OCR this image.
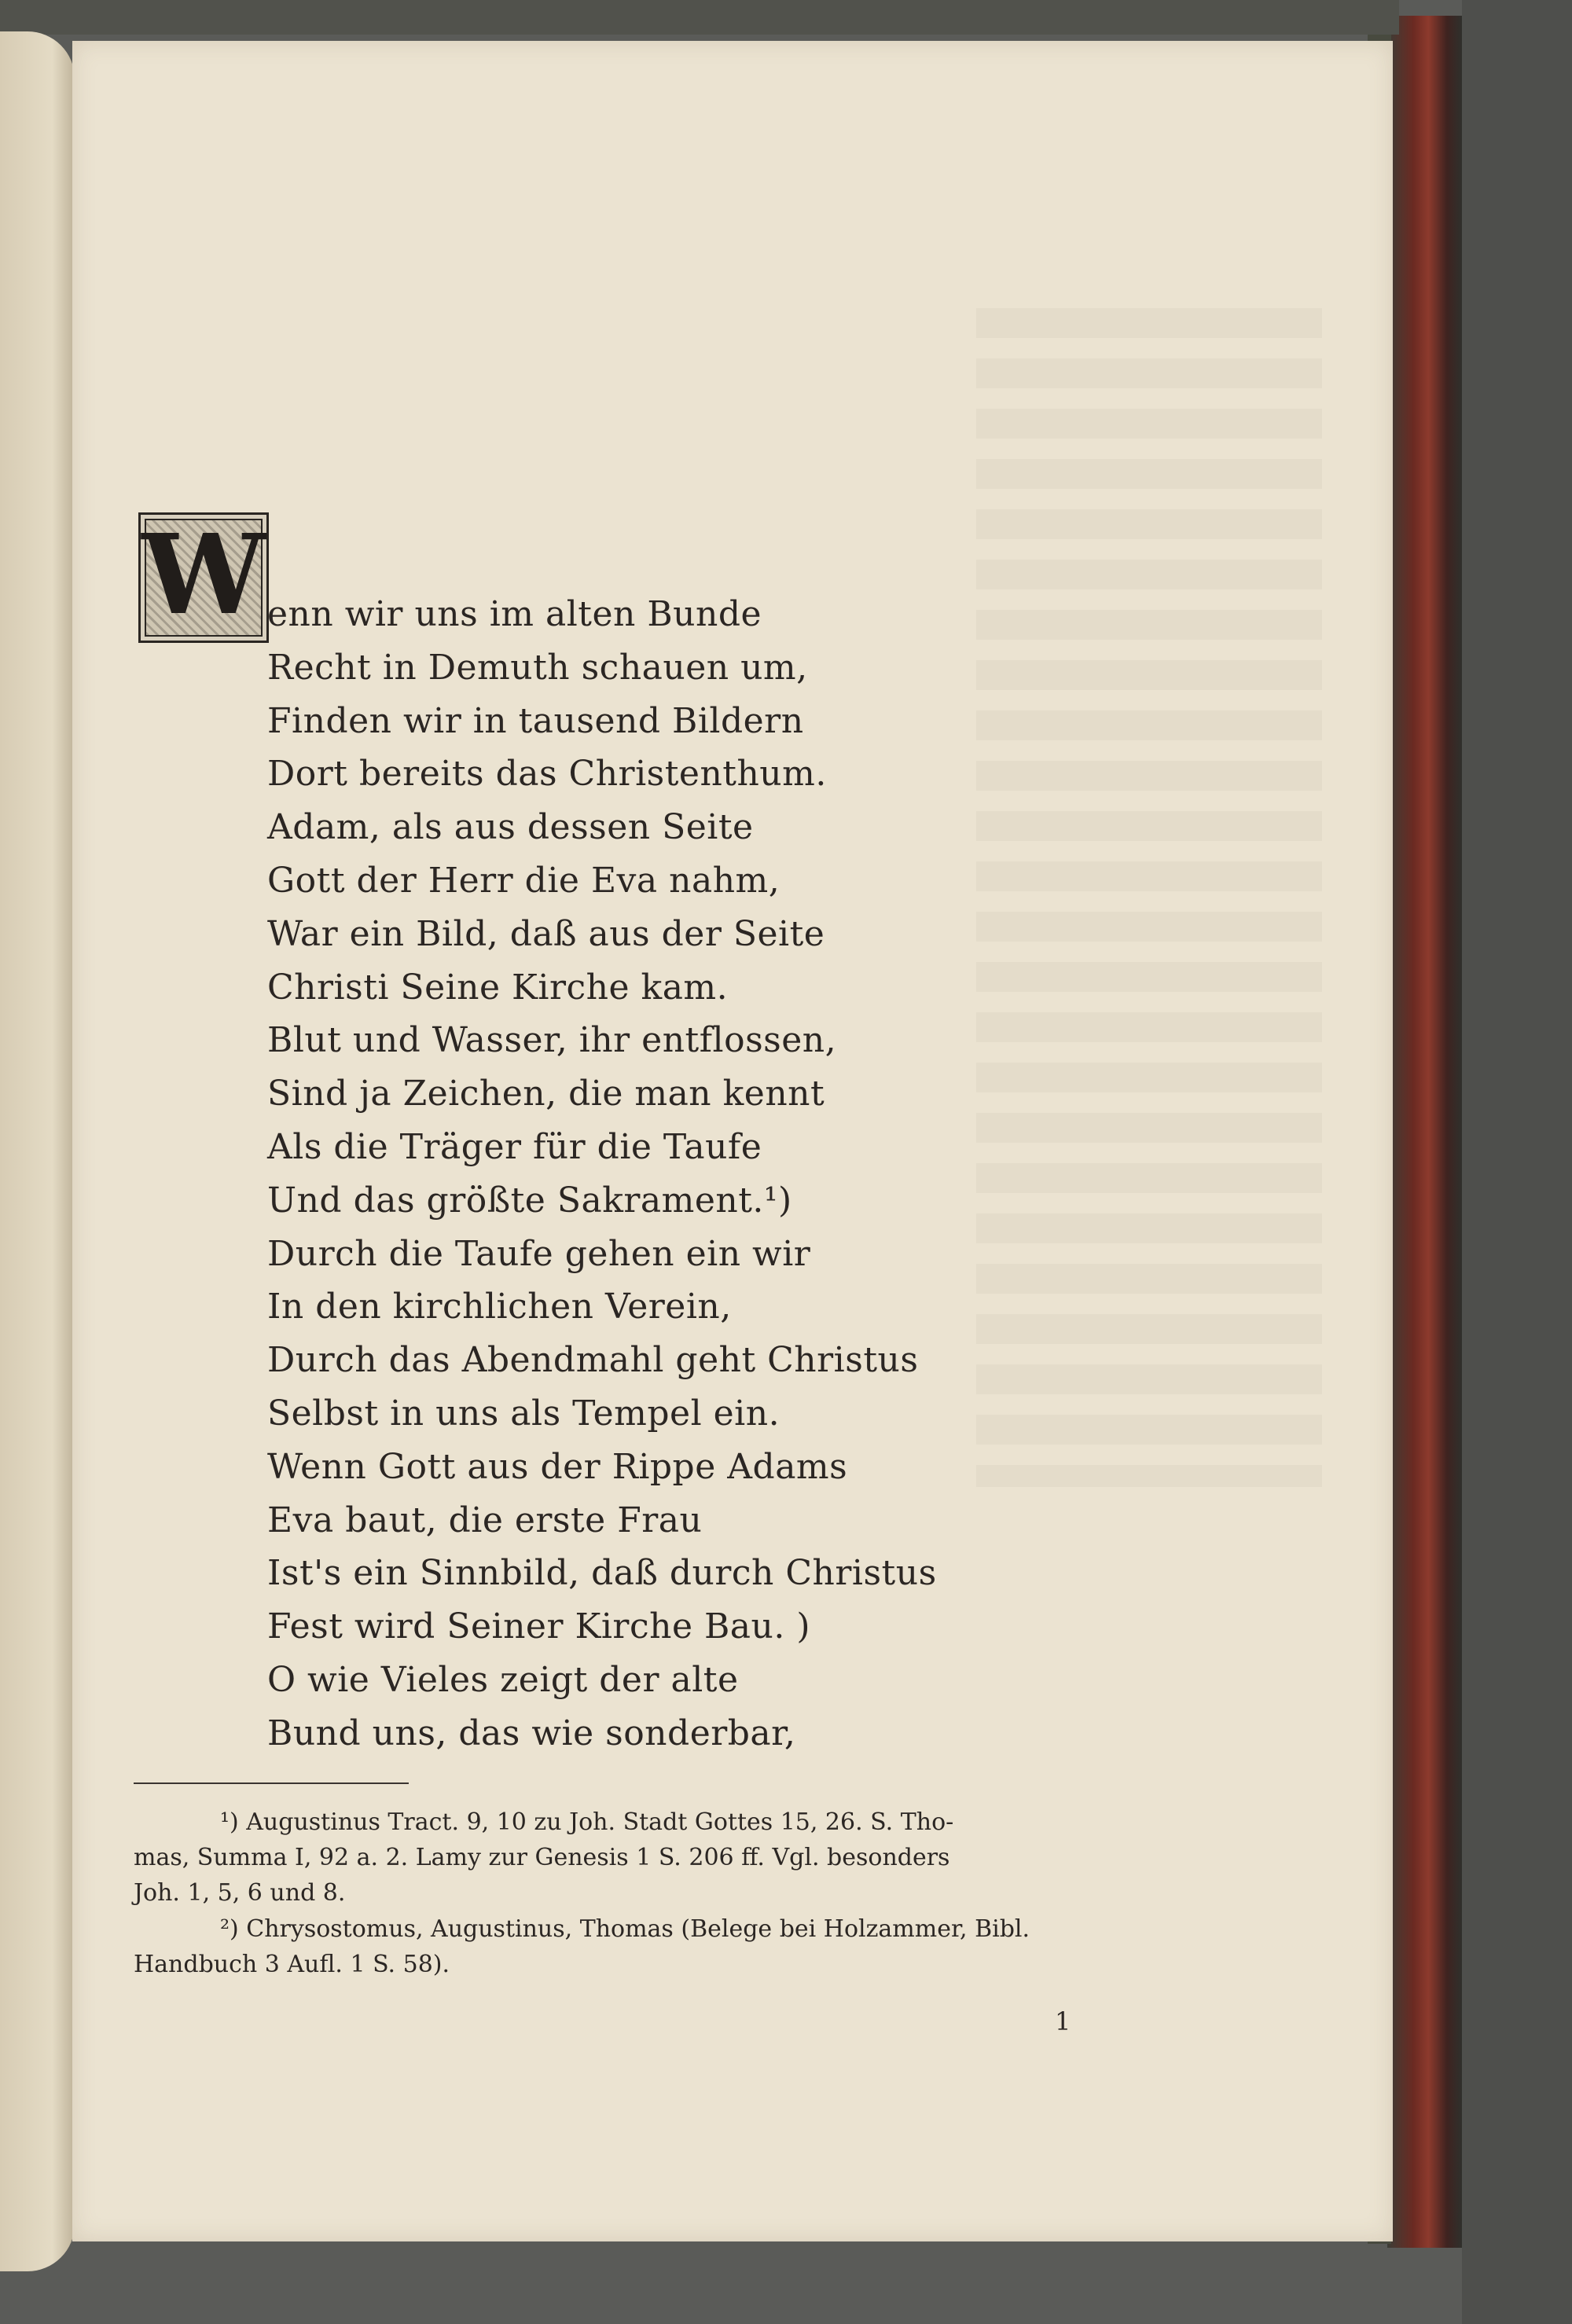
W enn wir uns im alten Bunde
Recht in Demuth schauen um,
Finden wir in tausend Bildern
Dort bereits das Christenthum.
Adam, als aus dessen Seite
Gott der Herr die Eva nahm,
War ein Bild, daß aus der Seite
Christi Seine Kirche kam.
Blut und Wasser, ihr entflossen,
Sind ja Zeichen, die man kennt
Als die Träger für die Taufe
Und das größte Sakrament.¹)
Durch die Taufe gehen ein wir
In den kirchlichen Verein,
Durch das Abendmahl geht Christus
Selbst in uns als Tempel ein.
Wenn Gott aus der Rippe Adams
Eva baut, die erste Frau
Ist's ein Sinnbild, daß durch Christus
Fest wird Seiner Kirche Bau. )
O wie Vieles zeigt der alte
Bund uns, das wie sonderbar,
¹) Augustinus Tract. 9, 10 zu Joh. Stadt Gottes 15, 26. S. Tho-
mas, Summa I, 92 a. 2. Lamy zur Genesis 1 S. 206 ff. Vgl. besonders
Joh. 1, 5, 6 und 8.
²) Chrysostomus, Augustinus, Thomas (Belege bei Holzammer, Bibl.
Handbuch 3 Aufl. 1 S. 58).
1
